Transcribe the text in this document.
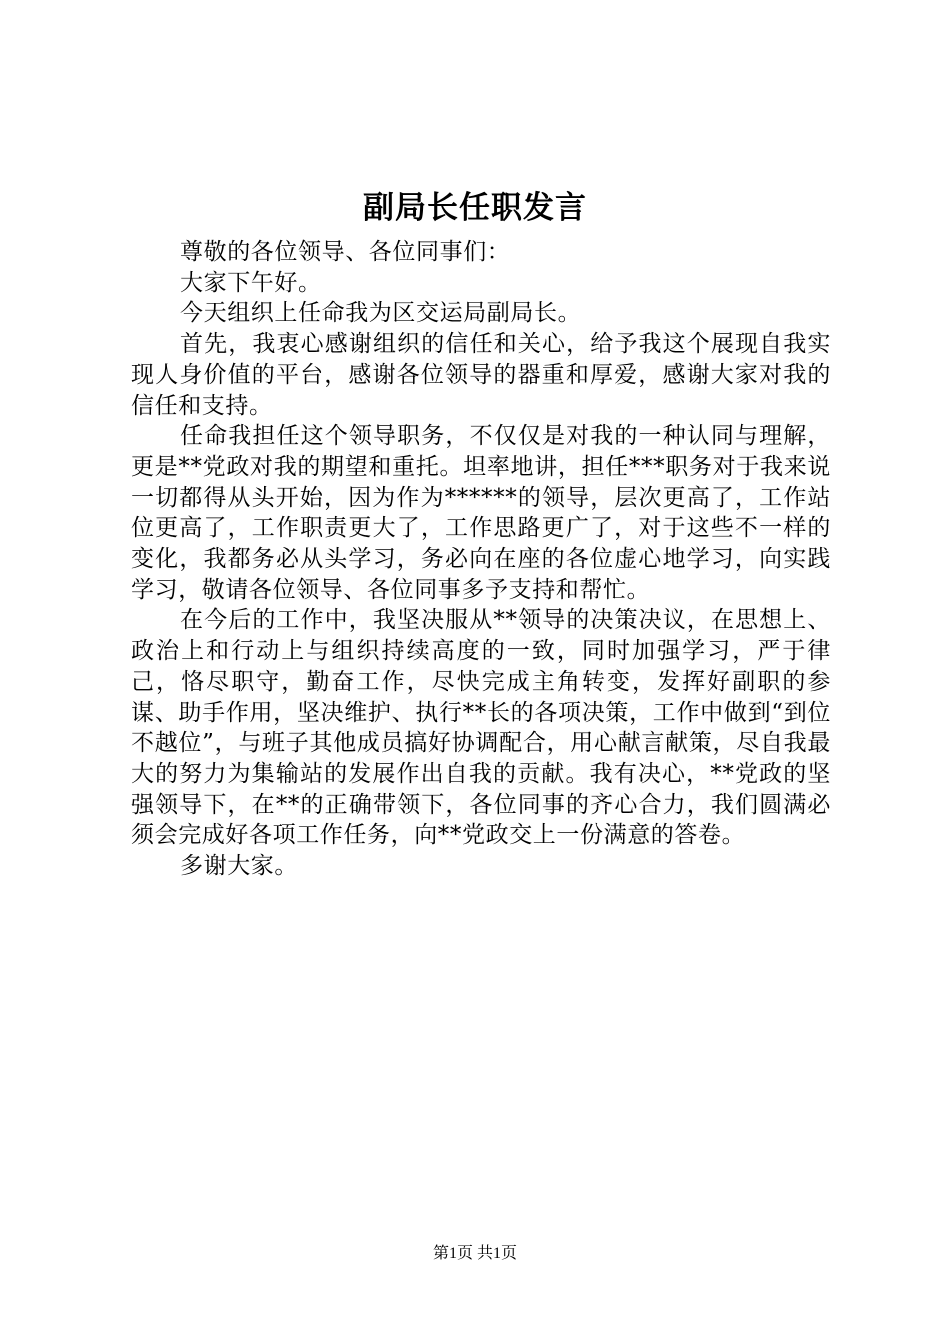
副局长任职发言

尊敬的各位领导、各位同事们：

大家下午好。

今天组织上任命我为区交运局副局长。

首先，我衷心感谢组织的信任和关心，给予我这个展现自我实现人身价值的平台，感谢各位领导的器重和厚爱，感谢大家对我的信任和支持。

任命我担任这个领导职务，不仅仅是对我的一种认同与理解，更是**党政对我的期望和重托。坦率地讲，担任***职务对于我来说一切都得从头开始，因为作为******的领导，层次更高了，工作站位更高了，工作职责更大了，工作思路更广了，对于这些不一样的变化，我都务必从头学习，务必向在座的各位虚心地学习，向实践学习，敬请各位领导、各位同事多予支持和帮忙。

在今后的工作中，我坚决服从**领导的决策决议，在思想上、政治上和行动上与组织持续高度的一致，同时加强学习，严于律己，恪尽职守，勤奋工作，尽快完成主角转变，发挥好副职的参谋、助手作用，坚决维护、执行**长的各项决策，工作中做到“到位不越位”，与班子其他成员搞好协调配合，用心献言献策，尽自我最大的努力为集输站的发展作出自我的贡献。我有决心，**党政的坚强领导下，在**的正确带领下，各位同事的齐心合力，我们圆满必须会完成好各项工作任务，向**党政交上一份满意的答卷。

多谢大家。

第1页 共1页
